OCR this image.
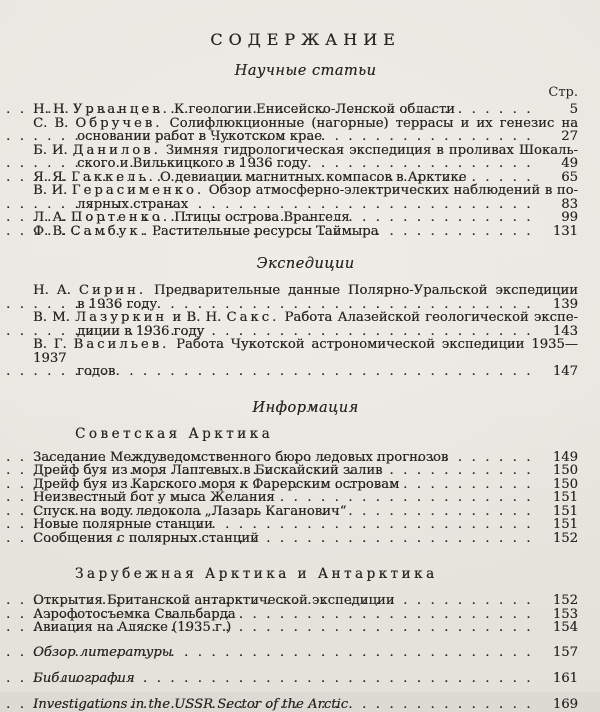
СОДЕРЖАНИЕ
Научные статьи
Стр.
Н. Н. Урванцев. К геологии Енисейско-Ленской области .....	5
С. В. Обручев. Солифлюкционные (нагорные) террасы и их генезис на
основании работ в Чукотском крае .....	27
Б. И. Данилов. Зимняя гидрологическая экспедиция в проливах Шокаль-
ского и Вилькицкого в 1936 году .....	49
Я. Я. Гаккель. О девиации магнитных компасов в Арктике .....	65
В. И. Герасименко. Обзор атмосферно-электрических наблюдений в по-
лярных странах .....	83
Л. А. Портенко. Птицы острова Врангеля .....	99
Ф. В. Самбук. Растительные ресурсы Таймыра .....	131
Экспедиции
Н. А. Сирин. Предварительные данные Полярно-Уральской экспедиции
в 1936 году .....	139
В. М. Лазуркин и В. Н. Сакс. Работа Алазейской геологической экспе-
диции в 1936 году .....	143
В. Г. Васильев. Работа Чукотской астрономической экспедиции 1935—1937
годов .....	147
Информация
Советская Арктика
Заседание Междуведомственного бюро ледовых прогнозов .....	149
Дрейф буя из моря Лаптевых в Бискайский залив .....	150
Дрейф буя из Карского моря к Фарерским островам .....	150
Неизвестный бот у мыса Желания .....	151
Спуск на воду ледокола „Лазарь Каганович“ .....	151
Новые полярные станции .....	151
Сообщения с полярных станций .....	152
Зарубежная Арктика и Антарктика
Открытия Британской антарктической экспедиции .....	152
Аэрофотосъемка Свальбарда .....	153
Авиация на Аляске (1935 г.) .....	154
Обзор литературы .....	157
Библиография .....	161
Investigations in the USSR Sector of the Arctic .....	169
